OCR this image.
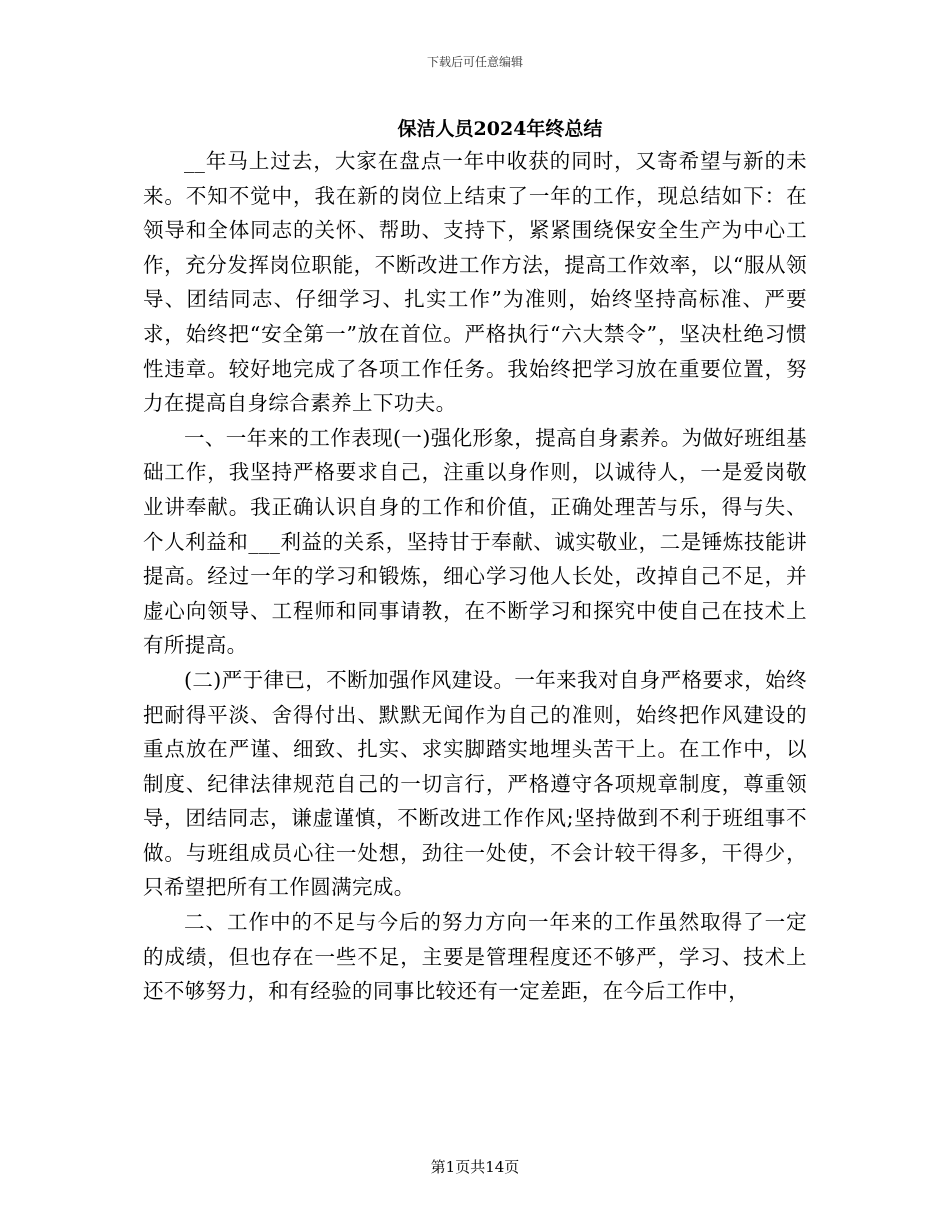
下载后可任意编辑
保洁人员2024年终总结

__年马上过去，大家在盘点一年中收获的同时，又寄希望与新的未来。不知不觉中，我在新的岗位上结束了一年的工作，现总结如下：在领导和全体同志的关怀、帮助、支持下，紧紧围绕保安全生产为中心工作，充分发挥岗位职能，不断改进工作方法，提高工作效率，以“服从领导、团结同志、仔细学习、扎实工作”为准则，始终坚持高标准、严要求，始终把“安全第一”放在首位。严格执行“六大禁令”，坚决杜绝习惯性违章。较好地完成了各项工作任务。我始终把学习放在重要位置，努力在提高自身综合素养上下功夫。

一、一年来的工作表现(一)强化形象，提高自身素养。为做好班组基础工作，我坚持严格要求自己，注重以身作则，以诚待人，一是爱岗敬业讲奉献。我正确认识自身的工作和价值，正确处理苦与乐，得与失、个人利益和___利益的关系，坚持甘于奉献、诚实敬业，二是锤炼技能讲提高。经过一年的学习和锻炼，细心学习他人长处，改掉自己不足，并虚心向领导、工程师和同事请教，在不断学习和探究中使自己在技术上有所提高。

(二)严于律已，不断加强作风建设。一年来我对自身严格要求，始终把耐得平淡、舍得付出、默默无闻作为自己的准则，始终把作风建设的重点放在严谨、细致、扎实、求实脚踏实地埋头苦干上。在工作中，以制度、纪律法律规范自己的一切言行，严格遵守各项规章制度，尊重领导，团结同志，谦虚谨慎，不断改进工作作风;坚持做到不利于班组事不做。与班组成员心往一处想，劲往一处使，不会计较干得多，干得少，只希望把所有工作圆满完成。

二、工作中的不足与今后的努力方向一年来的工作虽然取得了一定的成绩，但也存在一些不足，主要是管理程度还不够严，学习、技术上还不够努力，和有经验的同事比较还有一定差距，在今后工作中，

第1页共14页
